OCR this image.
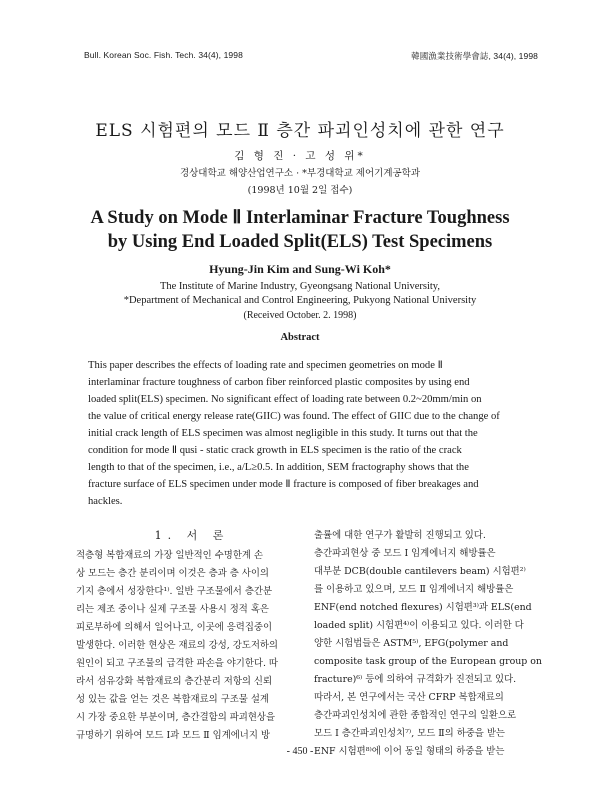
Bull. Korean Soc. Fish. Tech. 34(4), 1998	韓國漁業技術學會誌, 34(4), 1998
ELS 시험편의 모드 Ⅱ 층간 파괴인성치에 관한 연구
김 형 진 · 고 성 위*
경상대학교 해양산업연구소 · *부경대학교 제어기계공학과
(1998년 10월 2일 접수)
A Study on Mode Ⅱ Interlaminar Fracture Toughness
by Using End Loaded Split(ELS) Test Specimens
Hyung-Jin Kim and Sung-Wi Koh*
The Institute of Marine Industry, Gyeongsang National University,
*Department of Mechanical and Control Engineering, Pukyong National University
(Received October. 2. 1998)
Abstract
This paper describes the effects of loading rate and specimen geometries on mode Ⅱ
interlaminar fracture toughness of carbon fiber reinforced plastic composites by using end
loaded split(ELS) specimen. No significant effect of loading rate between 0.2~20mm/min on
the value of critical energy release rate(GIIC) was found. The effect of GIIC due to the change of
initial crack length of ELS specimen was almost negligible in this study. It turns out that the
condition for mode Ⅱ qusi - static crack growth in ELS specimen is the ratio of the crack
length to that of the specimen, i.e., a/L≥0.5. In addition, SEM fractography shows that the
fracture surface of ELS specimen under mode Ⅱ fracture is composed of fiber breakages and
hackles.
1. 서 론
적층형 복합재료의 가장 일반적인 수명한계 손
상 모드는 층간 분리이며 이것은 층과 층 사이의
기지 층에서 성장한다¹⁾. 일반 구조물에서 층간분
리는 제조 중이나 실제 구조물 사용시 정적 혹은
피로부하에 의해서 일어나고, 이곳에 응력집중이
발생한다. 이러한 현상은 재료의 강성, 강도저하의
원인이 되고 구조물의 급격한 파손을 야기한다. 따
라서 섬유강화 복합재료의 층간분리 저항의 신뢰
성 있는 값을 얻는 것은 복합재료의 구조물 설계
시 가장 중요한 부분이며, 층간결함의 파괴현상을
규명하기 위하여 모드 Ⅰ과 모드 Ⅱ 임계에너지 방
출률에 대한 연구가 활발히 진행되고 있다.
층간파괴현상 중 모드 Ⅰ 임계에너지 해방률은
대부분 DCB(double cantilevers beam) 시험편²⁾
를 이용하고 있으며, 모드 Ⅱ 임계에너지 해방률은
ENF(end notched flexures) 시험편³⁾과 ELS(end
loaded split) 시험편⁴⁾이 이용되고 있다. 이러한 다
양한 시험법들은 ASTM⁵⁾, EFG(polymer and
composite task group of the European group on
fracture)⁶⁾ 등에 의하여 규격화가 진전되고 있다.
따라서, 본 연구에서는 국산 CFRP 복합재료의
층간파괴인성치에 관한 종합적인 연구의 일환으로
모드 Ⅰ 층간파괴인성치⁷⁾, 모드 Ⅱ의 하중을 받는
ENF 시험편⁸⁾에 이어 동일 형태의 하중을 받는
- 450 -
